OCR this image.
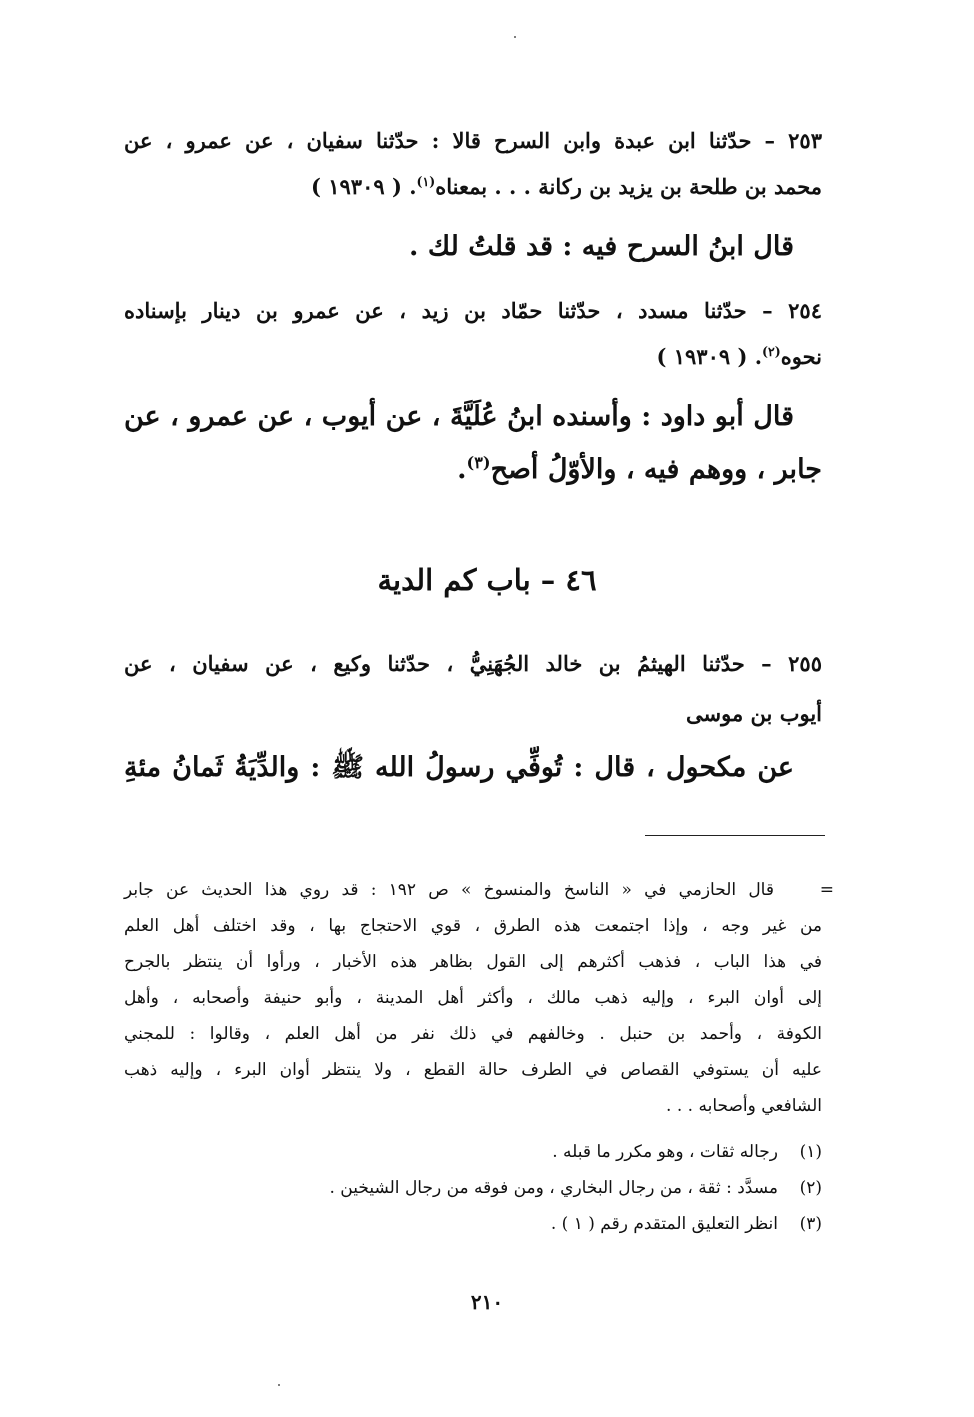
٢٥٣ – حدّثنا ابن عبدة وابن السرح قالا : حدّثنا سفيان ، عن عمرو ، عن
محمد بن طلحة بن يزيد بن ركانة . . . بمعناه$^{(١)}$. ( ١٩٣٠٩ )
قال ابنُ السرح فيه : قد قلتُ لك .
٢٥٤ – حدّثنا مسدد ، حدّثنا حمّاد بن زيد ، عن عمرو بن دينار بإسناده
نحوه$^{(٢)}$. ( ١٩٣٠٩ )
قال أبو داود : وأسنده ابنُ عُلَيَّةَ ، عن أيوب ، عن عمرو ، عن
جابر ، ووهم فيه ، والأوّلُ أصح$^{(٣)}$.
٤٦ – باب كم الدية
٢٥٥ – حدّثنا الهيثمُ بن خالد الجُهَنِيُّ ، حدّثنا وكيع ، عن سفيان ، عن
أيوب بن موسى
عن مكحول ، قال : تُوفِّي رسولُ الله ﷺ : والدِّيَةُ ثَمانُ مئةِ
=
قال الحازمي في « الناسخ والمنسوخ » ص ١٩٢ : قد روي هذا الحديث عن جابر
من غير وجه ، وإذا اجتمعت هذه الطرق ، قوي الاحتجاج بها ، وقد اختلف أهل العلم
في هذا الباب ، فذهب أكثرهم إلى القول بظاهر هذه الأخبار ، ورأوا أن ينتظر بالجرح
إلى أوان البرء ، وإليه ذهب مالك ، وأكثر أهل المدينة ، وأبو حنيفة وأصحابه ، وأهل
الكوفة ، وأحمد بن حنبل . وخالفهم في ذلك نفر من أهل العلم ، وقالوا : للمجني
عليه أن يستوفي القصاص في الطرف حالة القطع ، ولا ينتظر أوان البرء ، وإليه ذهب
الشافعي وأصحابه . . .
(١)رجاله ثقات ، وهو مكرر ما قبله .
(٢)مسدَّد : ثقة ، من رجال البخاري ، ومن فوقه من رجال الشيخين .
(٣)انظر التعليق المتقدم رقم ( ١ ) .
٢١٠
